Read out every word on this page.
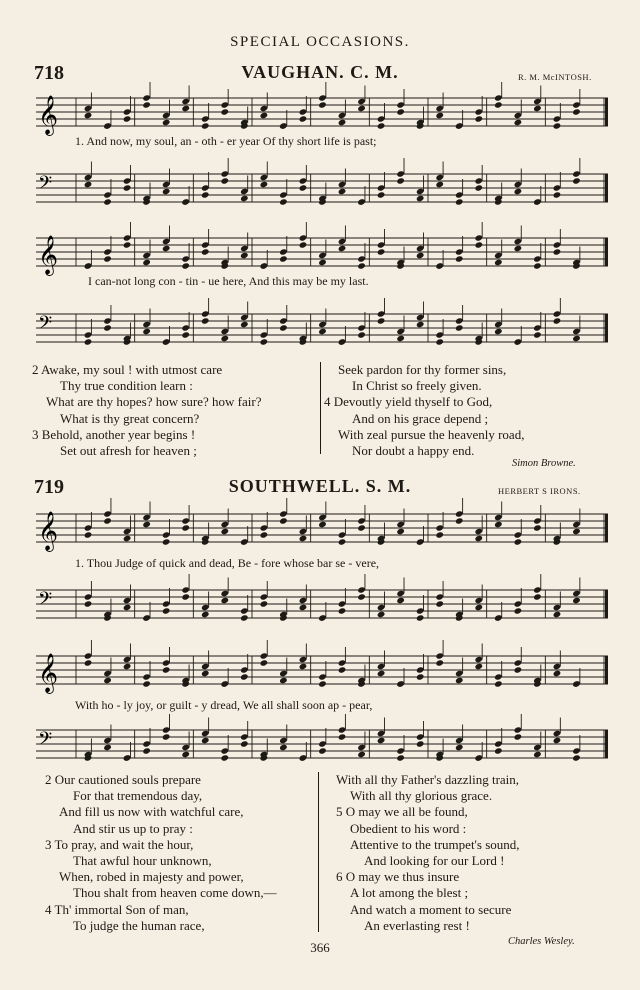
SPECIAL OCCASIONS.
718	VAUGHAN. C. M.	R. M. McINTOSH.
𝄞
1. And now, my soul, an - oth - er year Of thy short life is past;
𝄢
𝄞
I can-not long con - tin - ue here, And this may be my last.
𝄢
2 Awake, my soul ! with utmost care
Thy true condition learn :
What are thy hopes? how sure? how fair?
What is thy great concern?
3 Behold, another year begins !
Set out afresh for heaven ;
Seek pardon for thy former sins,
In Christ so freely given.
4 Devoutly yield thyself to God,
And on his grace depend ;
With zeal pursue the heavenly road,
Nor doubt a happy end.
Simon Browne.
719	SOUTHWELL. S. M.	HERBERT S IRONS.
𝄞
1. Thou Judge of quick and dead, Be - fore whose bar se - vere,
𝄢
𝄞
With ho - ly joy, or guilt - y dread, We all shall soon ap - pear,
𝄢
2 Our cautioned souls prepare
For that tremendous day,
And fill us now with watchful care,
And stir us up to pray :
3 To pray, and wait the hour,
That awful hour unknown,
When, robed in majesty and power,
Thou shalt from heaven come down,—
4 Th' immortal Son of man,
To judge the human race,
With all thy Father's dazzling train,
With all thy glorious grace.
5 O may we all be found,
Obedient to his word :
Attentive to the trumpet's sound,
And looking for our Lord !
6 O may we thus insure
A lot among the blest ;
And watch a moment to secure
An everlasting rest !
Charles Wesley.
366
